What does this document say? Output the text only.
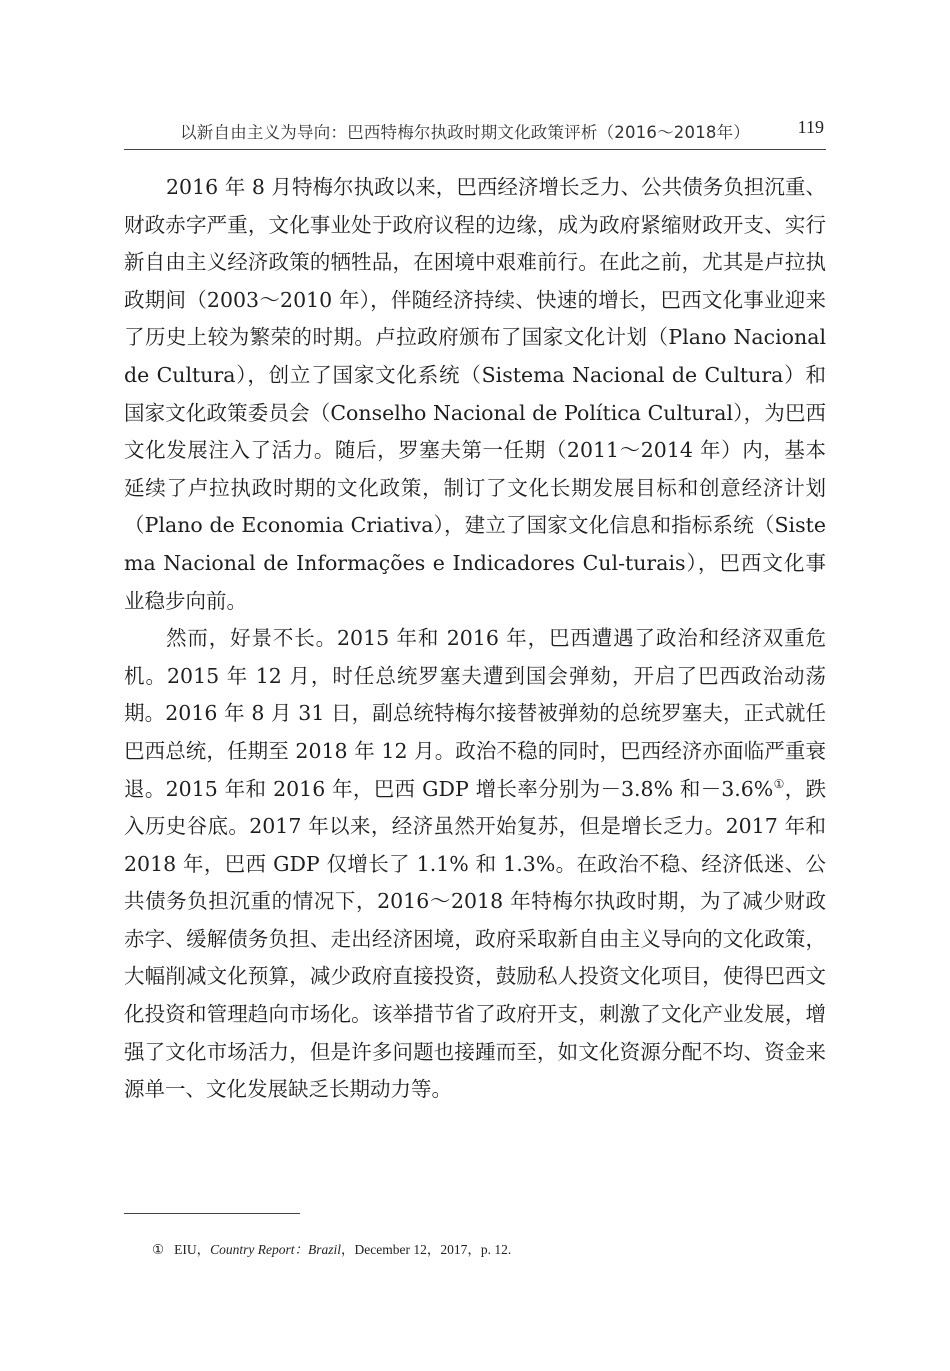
以新自由主义为导向：巴西特梅尔执政时期文化政策评析（2016～2018年）	119

2016 年 8 月特梅尔执政以来，巴西经济增长乏力、公共债务负担沉重、财政赤字严重，文化事业处于政府议程的边缘，成为政府紧缩财政开支、实行新自由主义经济政策的牺牲品，在困境中艰难前行。在此之前，尤其是卢拉执政期间（2003～2010 年），伴随经济持续、快速的增长，巴西文化事业迎来了历史上较为繁荣的时期。卢拉政府颁布了国家文化计划（Plano Nacional de Cultura），创立了国家文化系统（Sistema Nacional de Cultura）和国家文化政策委员会（Conselho Nacional de Política Cultural），为巴西文化发展注入了活力。随后，罗塞夫第一任期（2011～2014 年）内，基本延续了卢拉执政时期的文化政策，制订了文化长期发展目标和创意经济计划（Plano de Economia Criativa），建立了国家文化信息和指标系统（Sistema Nacional de Informações e Indicadores Cul-turais），巴西文化事业稳步向前。

然而，好景不长。2015 年和 2016 年，巴西遭遇了政治和经济双重危机。2015 年 12 月，时任总统罗塞夫遭到国会弹劾，开启了巴西政治动荡期。2016 年 8 月 31 日，副总统特梅尔接替被弹劾的总统罗塞夫，正式就任巴西总统，任期至 2018 年 12 月。政治不稳的同时，巴西经济亦面临严重衰退。2015 年和 2016 年，巴西 GDP 增长率分别为－3.8% 和－3.6%①，跌入历史谷底。2017 年以来，经济虽然开始复苏，但是增长乏力。2017 年和 2018 年，巴西 GDP 仅增长了 1.1% 和 1.3%。在政治不稳、经济低迷、公共债务负担沉重的情况下，2016～2018 年特梅尔执政时期，为了减少财政赤字、缓解债务负担、走出经济困境，政府采取新自由主义导向的文化政策，大幅削减文化预算，减少政府直接投资，鼓励私人投资文化项目，使得巴西文化投资和管理趋向市场化。该举措节省了政府开支，刺激了文化产业发展，增强了文化市场活力，但是许多问题也接踵而至，如文化资源分配不均、资金来源单一、文化发展缺乏长期动力等。

① EIU，Country Report：Brazil，December 12，2017，p. 12.
